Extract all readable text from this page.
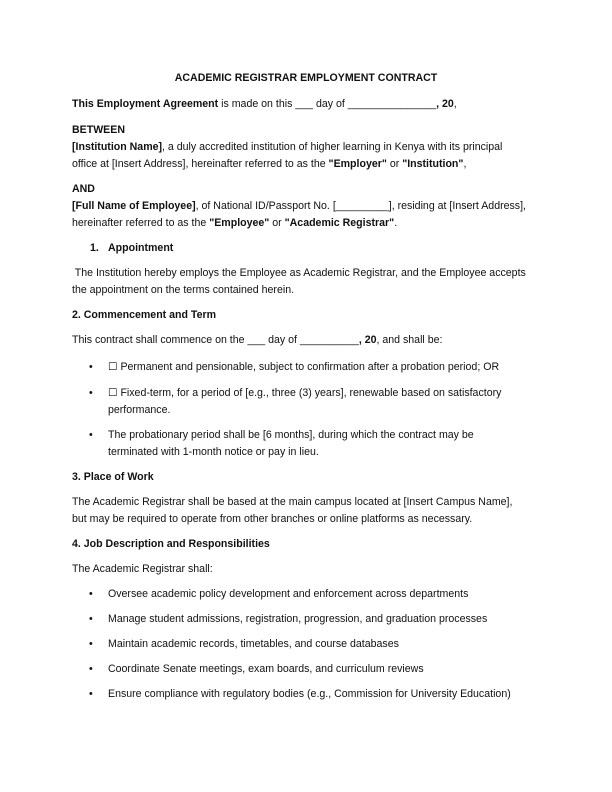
ACADEMIC REGISTRAR EMPLOYMENT CONTRACT
This Employment Agreement is made on this ___ day of _______________, 20,
BETWEEN
[Institution Name], a duly accredited institution of higher learning in Kenya with its principal
office at [Insert Address], hereinafter referred to as the "Employer" or "Institution",
AND
[Full Name of Employee], of National ID/Passport No. [_________], residing at [Insert Address],
hereinafter referred to as the "Employee" or "Academic Registrar".
1. Appointment
The Institution hereby employs the Employee as Academic Registrar, and the Employee accepts
the appointment on the terms contained herein.
2. Commencement and Term
This contract shall commence on the ___ day of __________, 20, and shall be:
• ☐ Permanent and pensionable, subject to confirmation after a probation period; OR
• ☐ Fixed-term, for a period of [e.g., three (3) years], renewable based on satisfactory
performance.
• The probationary period shall be [6 months], during which the contract may be
terminated with 1-month notice or pay in lieu.
3. Place of Work
The Academic Registrar shall be based at the main campus located at [Insert Campus Name],
but may be required to operate from other branches or online platforms as necessary.
4. Job Description and Responsibilities
The Academic Registrar shall:
• Oversee academic policy development and enforcement across departments
• Manage student admissions, registration, progression, and graduation processes
• Maintain academic records, timetables, and course databases
• Coordinate Senate meetings, exam boards, and curriculum reviews
• Ensure compliance with regulatory bodies (e.g., Commission for University Education)
